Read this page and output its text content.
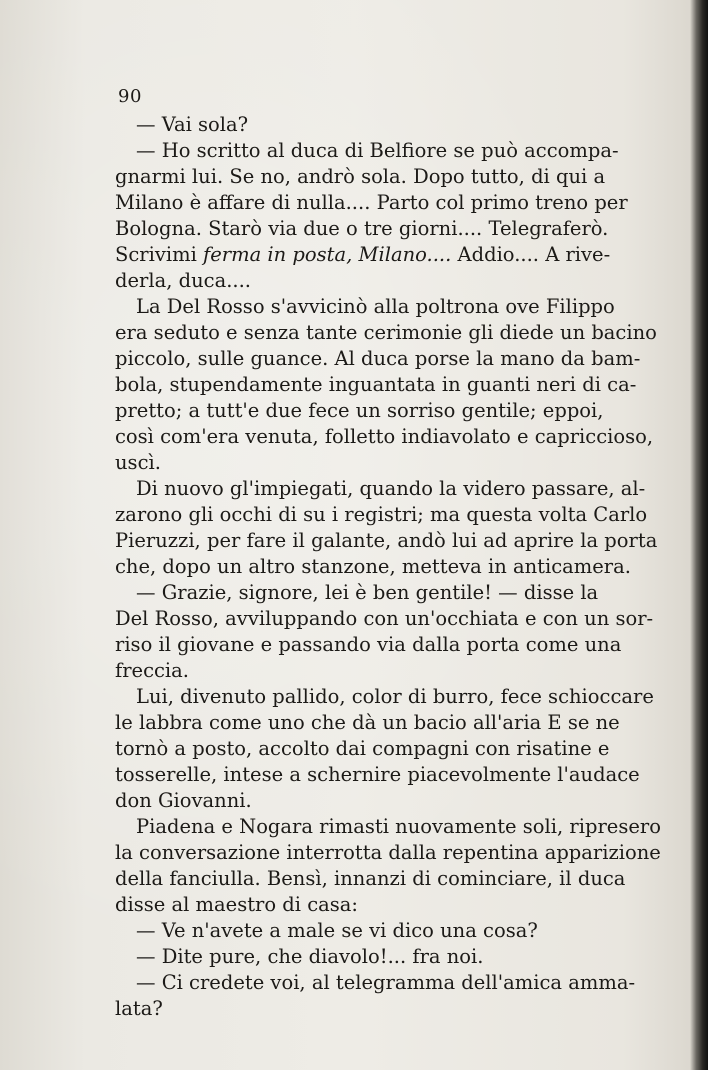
90
— Vai sola?
— Ho scritto al duca di Belfiore se può accompa-
gnarmi lui. Se no, andrò sola. Dopo tutto, di qui a
Milano è affare di nulla.... Parto col primo treno per
Bologna. Starò via due o tre giorni.... Telegraferò.
Scrivimi ferma in posta, Milano.... Addio.... A rive-
derla, duca....
La Del Rosso s'avvicinò alla poltrona ove Filippo
era seduto e senza tante cerimonie gli diede un bacino
piccolo, sulle guance. Al duca porse la mano da bam-
bola, stupendamente inguantata in guanti neri di ca-
pretto; a tutt'e due fece un sorriso gentile; eppoi,
così com'era venuta, folletto indiavolato e capriccioso,
uscì.
Di nuovo gl'impiegati, quando la videro passare, al-
zarono gli occhi di su i registri; ma questa volta Carlo
Pieruzzi, per fare il galante, andò lui ad aprire la porta
che, dopo un altro stanzone, metteva in anticamera.
— Grazie, signore, lei è ben gentile! — disse la
Del Rosso, avviluppando con un'occhiata e con un sor-
riso il giovane e passando via dalla porta come una
freccia.
Lui, divenuto pallido, color di burro, fece schioccare
le labbra come uno che dà un bacio all'aria E se ne
tornò a posto, accolto dai compagni con risatine e
tosserelle, intese a schernire piacevolmente l'audace
don Giovanni.
Piadena e Nogara rimasti nuovamente soli, ripresero
la conversazione interrotta dalla repentina apparizione
della fanciulla. Bensì, innanzi di cominciare, il duca
disse al maestro di casa:
— Ve n'avete a male se vi dico una cosa?
— Dite pure, che diavolo!... fra noi.
— Ci credete voi, al telegramma dell'amica amma-
lata?
